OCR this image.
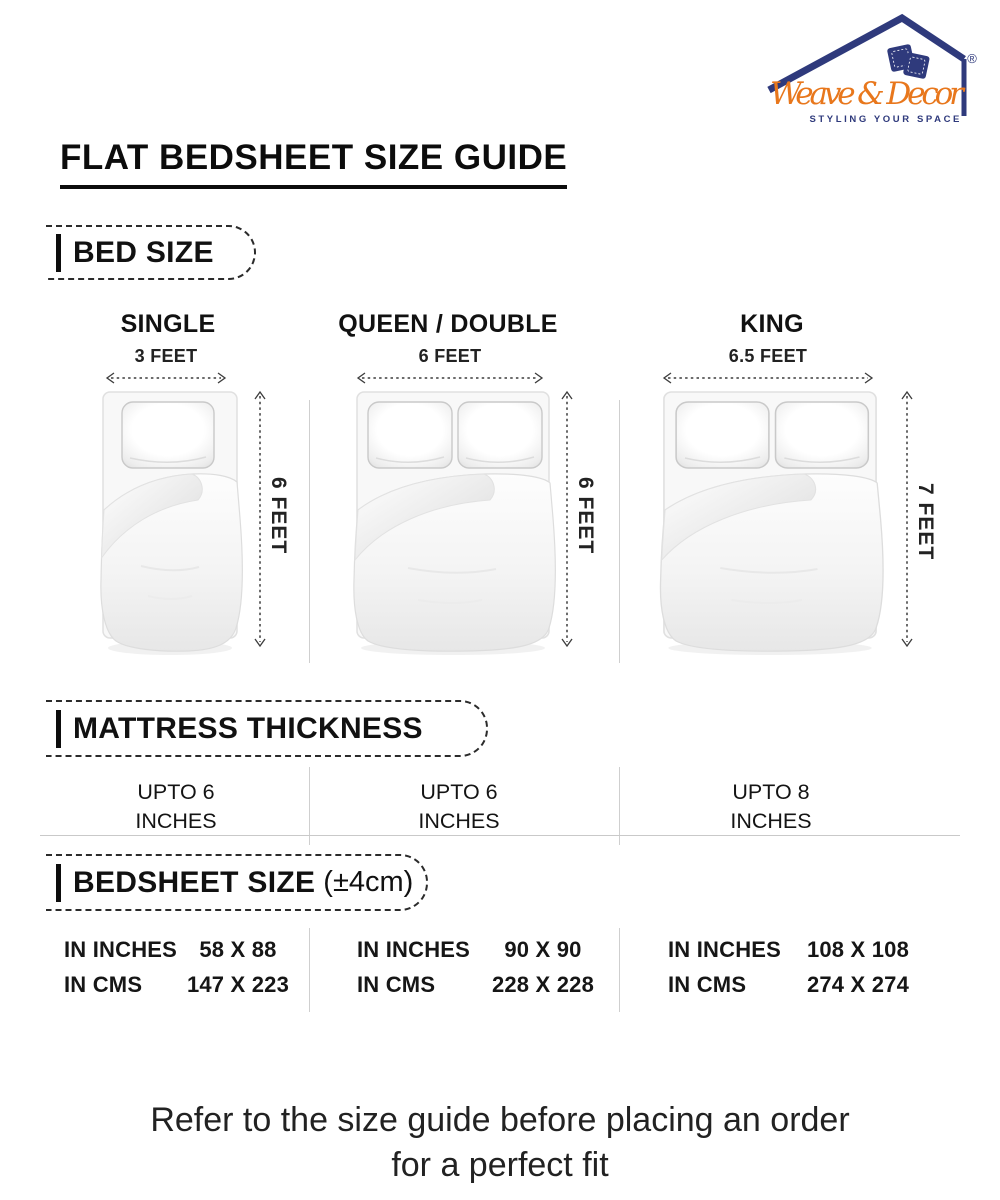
Weave & Decor
®
STYLING YOUR SPACE
FLAT BEDSHEET SIZE GUIDE
BED SIZE
SINGLE	QUEEN / DOUBLE	KING
3 FEET	6 FEET	6.5 FEET
6 FEET	6 FEET	7 FEET
MATTRESS THICKNESS
UPTO 6
INCHES
UPTO 6
INCHES
UPTO 8
INCHES
BEDSHEET SIZE (±4cm)
IN INCHES	58 X 88
IN CMS	147 X 223
IN INCHES	90 X 90
IN CMS	228 X 228
IN INCHES	108 X 108
IN CMS	274 X 274
Refer to the size guide before placing an order
for a perfect fit
